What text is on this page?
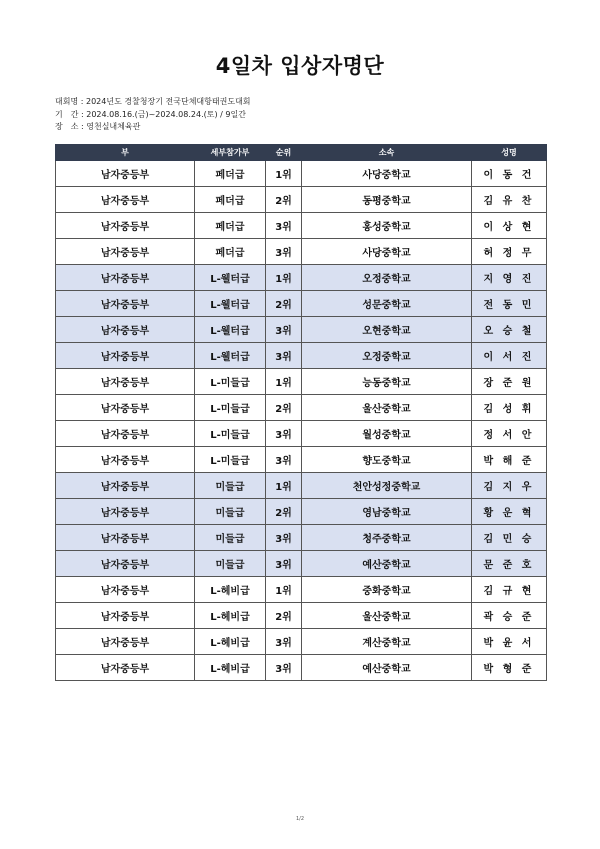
4일차 입상자명단
대회명 : 2024년도 경찰청장기 전국단체대항태권도대회
기　간 : 2024.08.16.(금)~2024.08.24.(토) / 9일간
장　소 : 영천실내체육관
부	세부참가부	순위	소속	성명
남자중등부	페더급	1위	사당중학교	이 동 건
남자중등부	페더급	2위	동평중학교	김 유 찬
남자중등부	페더급	3위	홍성중학교	이 상 현
남자중등부	페더급	3위	사당중학교	허 정 무
남자중등부	L-웰터급	1위	오정중학교	지 영 진
남자중등부	L-웰터급	2위	성문중학교	전 동 민
남자중등부	L-웰터급	3위	오현중학교	오 승 철
남자중등부	L-웰터급	3위	오정중학교	이 서 진
남자중등부	L-미들급	1위	능동중학교	장 준 원
남자중등부	L-미들급	2위	울산중학교	김 성 휘
남자중등부	L-미들급	3위	월성중학교	정 서 안
남자중등부	L-미들급	3위	향도중학교	박 해 준
남자중등부	미들급	1위	천안성정중학교	김 지 우
남자중등부	미들급	2위	영남중학교	황 운 혁
남자중등부	미들급	3위	청주중학교	김 민 승
남자중등부	미들급	3위	예산중학교	문 준 호
남자중등부	L-헤비급	1위	중화중학교	김 규 현
남자중등부	L-헤비급	2위	울산중학교	곽 승 준
남자중등부	L-헤비급	3위	계산중학교	박 윤 서
남자중등부	L-헤비급	3위	예산중학교	박 형 준
1/2
